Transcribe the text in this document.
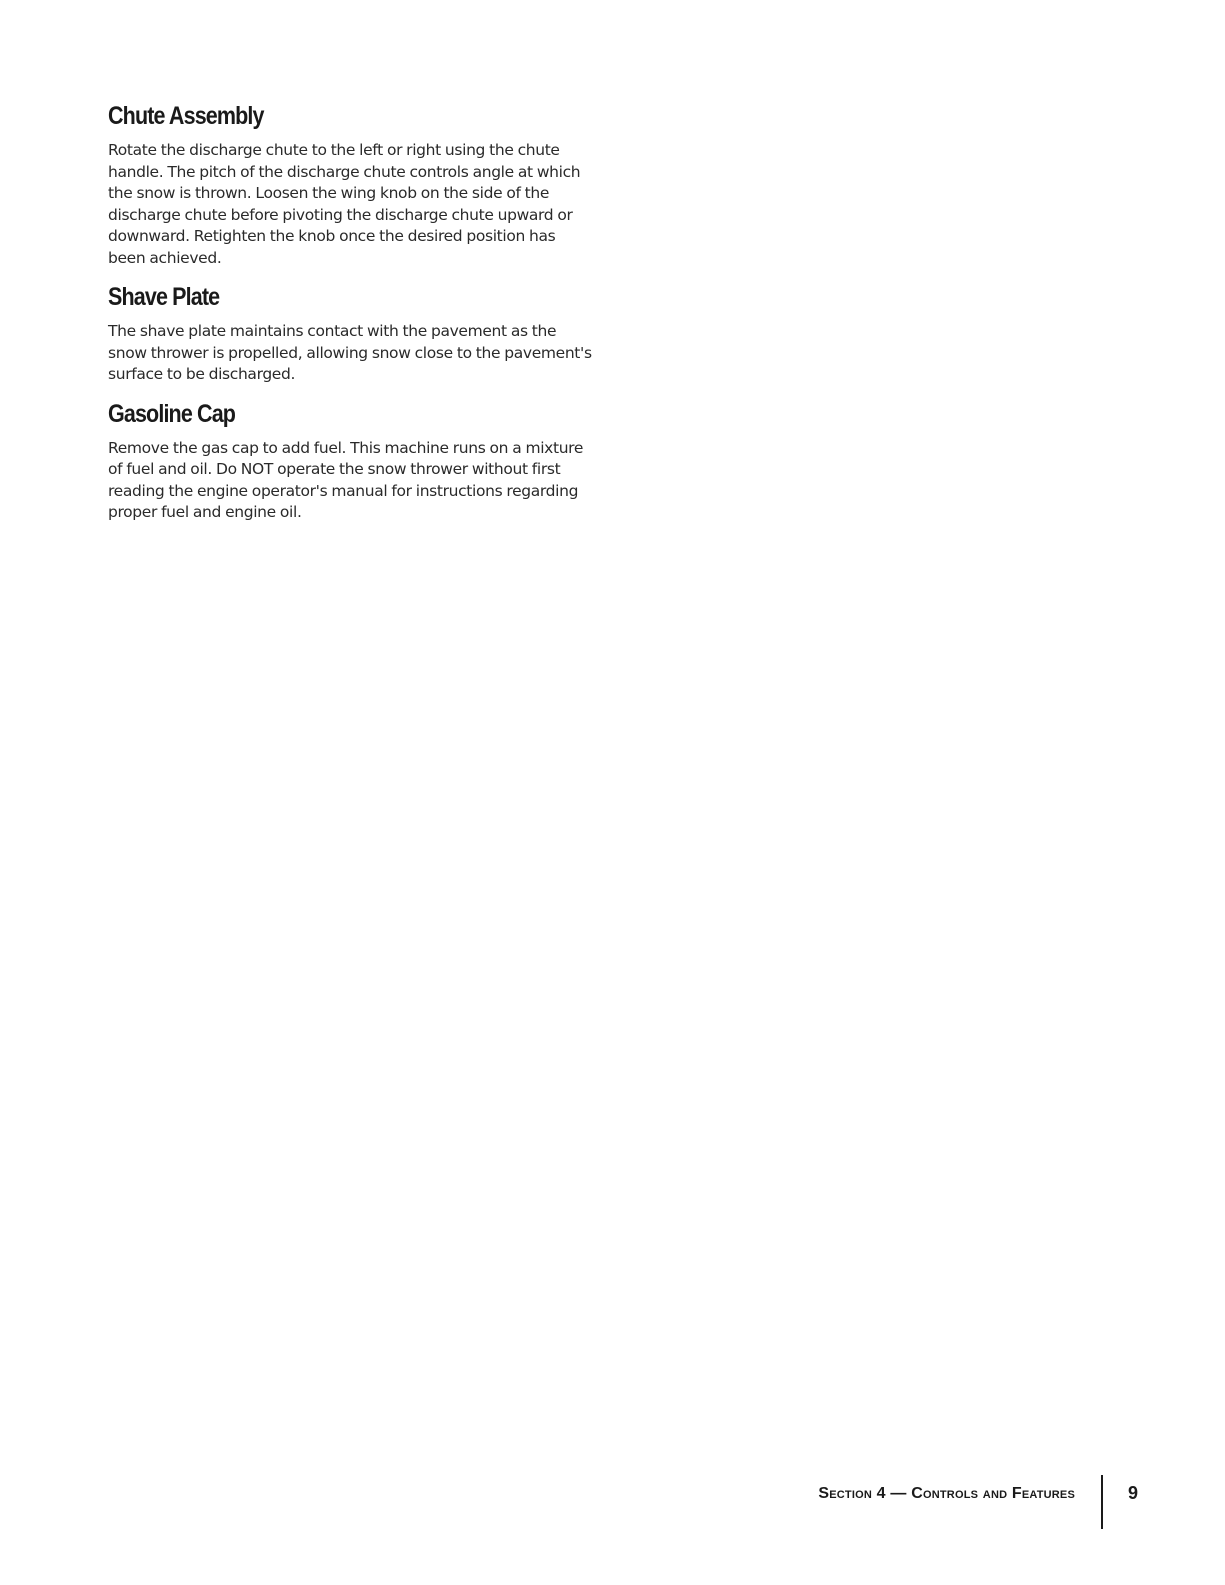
Chute Assembly

Rotate the discharge chute to the left or right using the chute handle. The pitch of the discharge chute controls angle at which the snow is thrown. Loosen the wing knob on the side of the discharge chute before pivoting the discharge chute upward or downward. Retighten the knob once the desired position has been achieved.

Shave Plate

The shave plate maintains contact with the pavement as the snow thrower is propelled, allowing snow close to the pavement's surface to be discharged.

Gasoline Cap

Remove the gas cap to add fuel. This machine runs on a mixture of fuel and oil. Do NOT operate the snow thrower without first reading the engine operator's manual for instructions regarding proper fuel and engine oil.

Section 4 — Controls and Features	9
